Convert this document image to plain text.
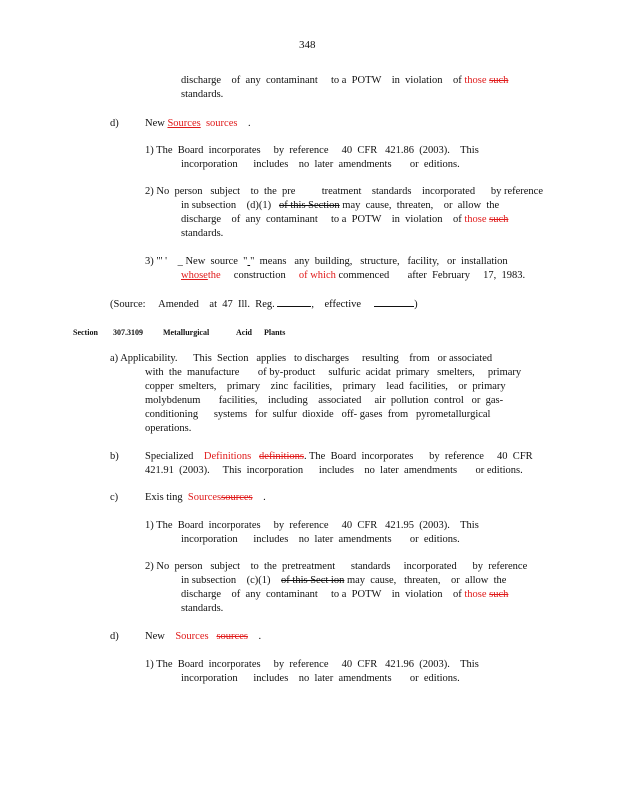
348
discharge    of  any  contaminant     to a  POTW    in  violation    of those such
standards.
d)	New Sources sources .
1) The  Board  incorporates     by  reference     40  CFR   421.86  (2003).    This
incorporation      includes    no  later  amendments       or  editions.
2) No  person   subject    to  the  pre          treatment    standards    incorporated      by reference
in subsection    (d)(1) of this Section may  cause,  threaten,    or  allow  the
discharge    of  any  contaminant     to a  POTW    in  violation    of those such
standards.
3) "' ' _ New  source  " "  means   any  building,   structure,   facility,   or  installation
whosethe construction of which commenced       after  February     17,  1983.
(Source:     Amended    at  47  Ill.  Reg.	,    effective	)
Section 307.3109	Metallurgical	Acid Plants
a) Applicability.      This  Section   applies   to discharges     resulting    from   or associated
with  the  manufacture       of by-product     sulfuric  acidat  primary   smelters,     primary
copper  smelters,    primary    zinc  facilities,    primary    lead  facilities,    or  primary
molybdenum       facilities,    including    associated     air  pollution  control   or  gas-
conditioning      systems   for  sulfur  dioxide   off- gases  from   pyrometallurgical
operations.
b)	Specialized Definitions definitions. The  Board  incorporates      by  reference     40  CFR
421.91  (2003).     This  incorporation      includes    no  later  amendments       or editions.
c)	Exis ting Sourcessources .
1) The  Board  incorporates     by  reference     40  CFR   421.95  (2003).    This
incorporation      includes    no  later  amendments       or  editions.
2) No  person   subject    to  the  pretreatment      standards     incorporated      by  reference
in subsection    (c)(1) of this Sect ion may  cause,   threaten,    or  allow  the
discharge    of  any  contaminant     to a  POTW    in  violation    of those such
standards.
d)	New Sources sources .
1) The  Board  incorporates     by  reference     40  CFR   421.96  (2003).    This
incorporation      includes    no  later  amendments       or  editions.
